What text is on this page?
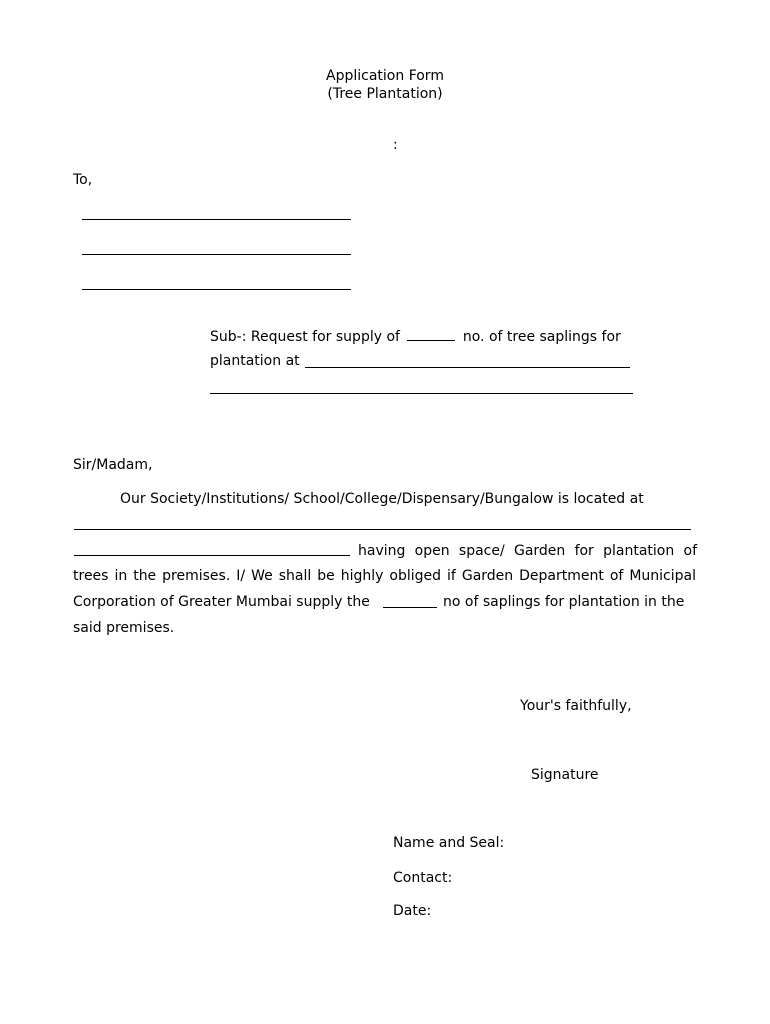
Application Form
(Tree Plantation)
:
To,
Sub-: Request for supply of	no. of tree saplings for
plantation at
Sir/Madam,
Our Society/Institutions/ School/College/Dispensary/Bungalow is located at
having open space/ Garden for plantation of
trees in the premises. I/ We shall be highly obliged if Garden Department of Municipal
Corporation of Greater Mumbai supply the	no of saplings for plantation in the
said premises.
Your's faithfully,
Signature
Name and Seal:
Contact:
Date:
